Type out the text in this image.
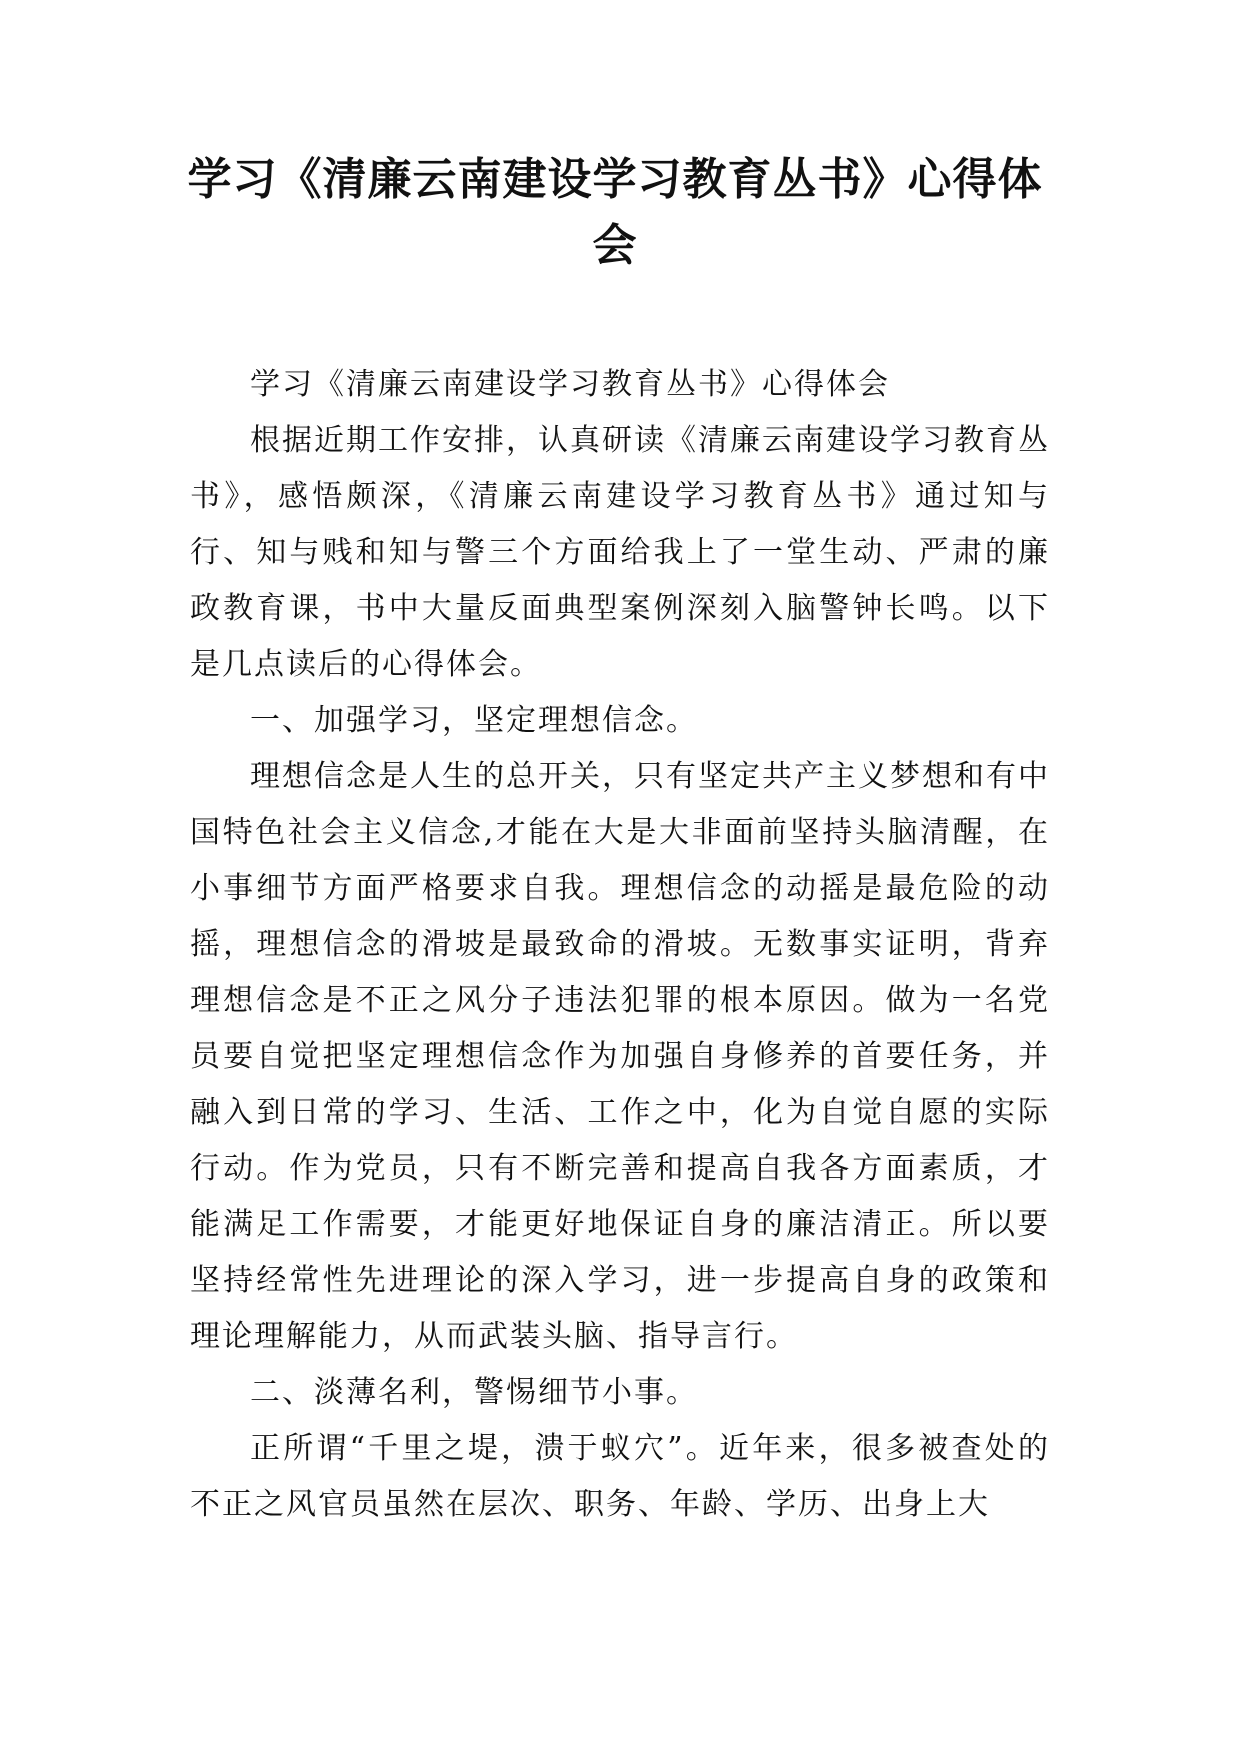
学习《清廉云南建设学习教育丛书》心得体会

学习《清廉云南建设学习教育丛书》心得体会

根据近期工作安排，认真研读《清廉云南建设学习教育丛书》，感悟颇深，《清廉云南建设学习教育丛书》通过知与行、知与贱和知与警三个方面给我上了一堂生动、严肃的廉政教育课，书中大量反面典型案例深刻入脑警钟长鸣。以下是几点读后的心得体会。

一、加强学习，坚定理想信念。

理想信念是人生的总开关，只有坚定共产主义梦想和有中国特色社会主义信念,才能在大是大非面前坚持头脑清醒，在小事细节方面严格要求自我。理想信念的动摇是最危险的动摇，理想信念的滑坡是最致命的滑坡。无数事实证明，背弃理想信念是不正之风分子违法犯罪的根本原因。做为一名党员要自觉把坚定理想信念作为加强自身修养的首要任务，并融入到日常的学习、生活、工作之中，化为自觉自愿的实际行动。作为党员，只有不断完善和提高自我各方面素质，才能满足工作需要，才能更好地保证自身的廉洁清正。所以要坚持经常性先进理论的深入学习，进一步提高自身的政策和理论理解能力，从而武装头脑、指导言行。

二、淡薄名利，警惕细节小事。

正所谓“千里之堤，溃于蚁穴”。近年来，很多被查处的不正之风官员虽然在层次、职务、年龄、学历、出身上大
